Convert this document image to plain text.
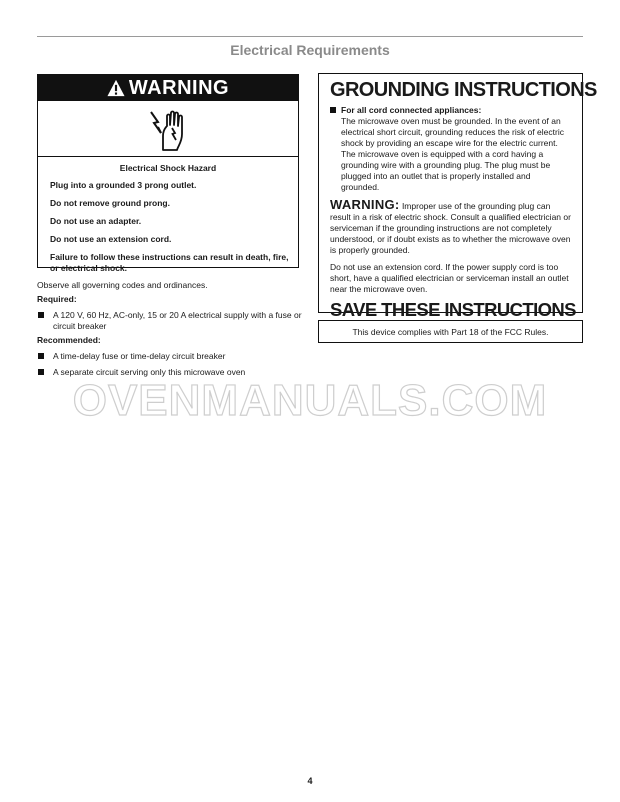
Electrical Requirements
WARNING
Electrical Shock Hazard
Plug into a grounded 3 prong outlet.
Do not remove ground prong.
Do not use an adapter.
Do not use an extension cord.
Failure to follow these instructions can result in death, fire, or electrical shock.

Observe all governing codes and ordinances.

Required:

A 120 V, 60 Hz, AC-only, 15 or 20 A electrical supply with a fuse or circuit breaker

Recommended:

A time-delay fuse or time-delay circuit breaker
A separate circuit serving only this microwave oven
GROUNDING INSTRUCTIONS
For all cord connected appliances:
The microwave oven must be grounded. In the event of an electrical short circuit, grounding reduces the risk of electric shock by providing an escape wire for the electric current. The microwave oven is equipped with a cord having a grounding wire with a grounding plug. The plug must be plugged into an outlet that is properly installed and grounded.
WARNING: Improper use of the grounding plug can result in a risk of electric shock. Consult a qualified electrician or serviceman if the grounding instructions are not completely understood, or if doubt exists as to whether the microwave oven is properly grounded.
Do not use an extension cord. If the power supply cord is too short, have a qualified electrician or serviceman install an outlet near the microwave oven.
SAVE THESE INSTRUCTIONS
This device complies with Part 18 of the FCC Rules.
OVENMANUALS.COM
4
